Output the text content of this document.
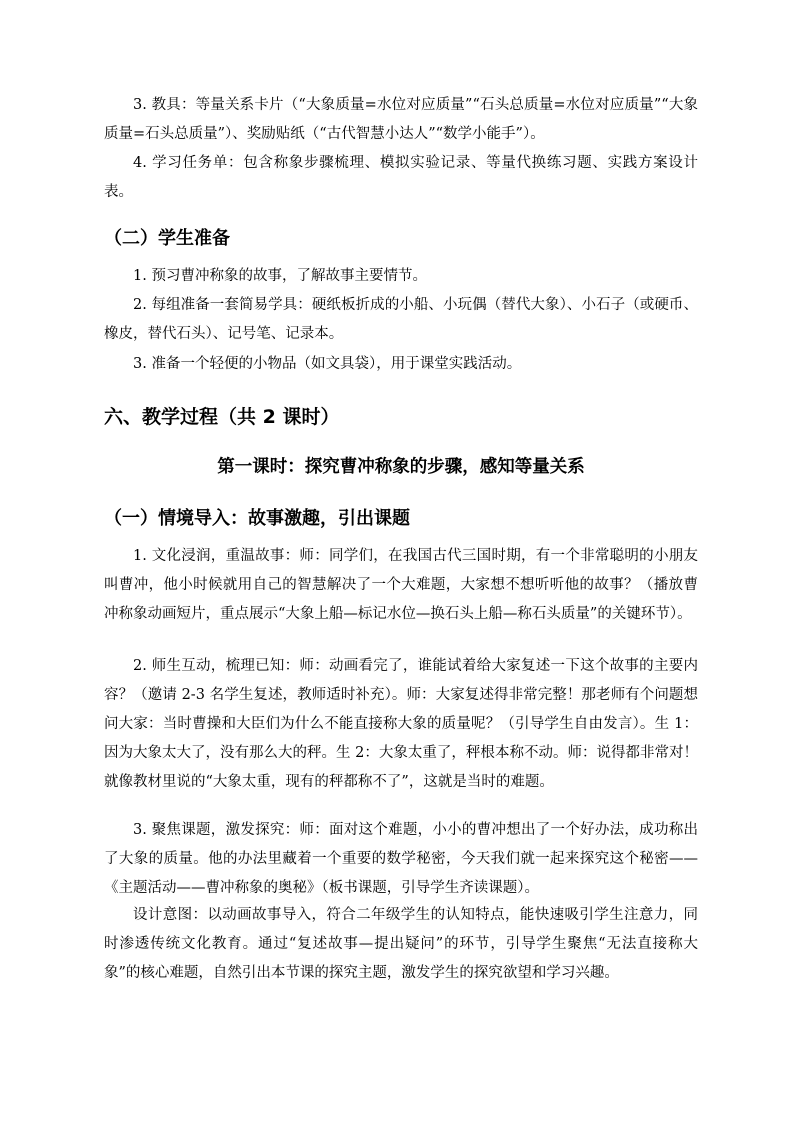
3. 教具：等量关系卡片（“大象质量=水位对应质量”“石头总质量=水位对应质量”“大象质量=石头总质量”）、奖励贴纸（“古代智慧小达人”“数学小能手”）。

4. 学习任务单：包含称象步骤梳理、模拟实验记录、等量代换练习题、实践方案设计表。

（二）学生准备

1. 预习曹冲称象的故事，了解故事主要情节。

2. 每组准备一套简易学具：硬纸板折成的小船、小玩偶（替代大象）、小石子（或硬币、橡皮，替代石头）、记号笔、记录本。

3. 准备一个轻便的小物品（如文具袋），用于课堂实践活动。

六、教学过程（共 2 课时）
第一课时：探究曹冲称象的步骤，感知等量关系
（一）情境导入：故事激趣，引出课题

1. 文化浸润，重温故事：师：同学们，在我国古代三国时期，有一个非常聪明的小朋友叫曹冲，他小时候就用自己的智慧解决了一个大难题，大家想不想听听他的故事？（播放曹冲称象动画短片，重点展示“大象上船—标记水位—换石头上船—称石头质量”的关键环节）。

2. 师生互动，梳理已知：师：动画看完了，谁能试着给大家复述一下这个故事的主要内容？（邀请 2-3 名学生复述，教师适时补充）。师：大家复述得非常完整！那老师有个问题想问大家：当时曹操和大臣们为什么不能直接称大象的质量呢？（引导学生自由发言）。生 1：因为大象太大了，没有那么大的秤。生 2：大象太重了，秤根本称不动。师：说得都非常对！就像教材里说的“大象太重，现有的秤都称不了”，这就是当时的难题。

3. 聚焦课题，激发探究：师：面对这个难题，小小的曹冲想出了一个好办法，成功称出了大象的质量。他的办法里藏着一个重要的数学秘密，今天我们就一起来探究这个秘密——《主题活动——曹冲称象的奥秘》（板书课题，引导学生齐读课题）。

设计意图：以动画故事导入，符合二年级学生的认知特点，能快速吸引学生注意力，同时渗透传统文化教育。通过“复述故事—提出疑问”的环节，引导学生聚焦“无法直接称大象”的核心难题，自然引出本节课的探究主题，激发学生的探究欲望和学习兴趣。
